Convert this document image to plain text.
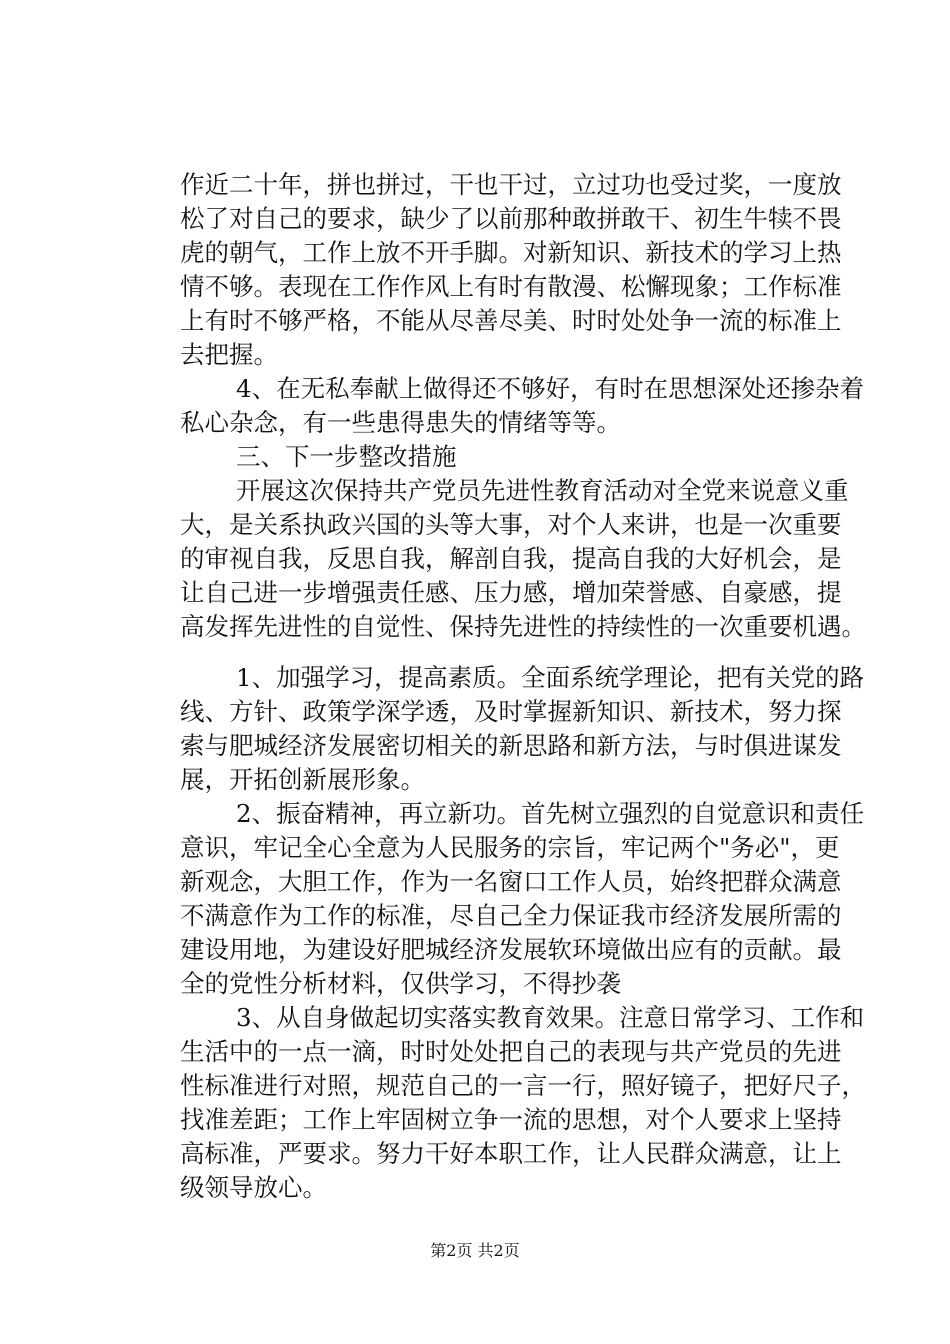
作近二十年，拼也拼过，干也干过，立过功也受过奖，一度放
松了对自己的要求，缺少了以前那种敢拼敢干、初生牛犊不畏
虎的朝气，工作上放不开手脚。对新知识、新技术的学习上热
情不够。表现在工作作风上有时有散漫、松懈现象；工作标准
上有时不够严格，不能从尽善尽美、时时处处争一流的标准上
去把握。
4、在无私奉献上做得还不够好，有时在思想深处还掺杂着
私心杂念，有一些患得患失的情绪等等。
三、下一步整改措施
开展这次保持共产党员先进性教育活动对全党来说意义重
大，是关系执政兴国的头等大事，对个人来讲，也是一次重要
的审视自我，反思自我，解剖自我，提高自我的大好机会，是
让自己进一步增强责任感、压力感，增加荣誉感、自豪感，提
高发挥先进性的自觉性、保持先进性的持续性的一次重要机遇。
1、加强学习，提高素质。全面系统学理论，把有关党的路
线、方针、政策学深学透，及时掌握新知识、新技术，努力探
索与肥城经济发展密切相关的新思路和新方法，与时俱进谋发
展，开拓创新展形象。
2、振奋精神，再立新功。首先树立强烈的自觉意识和责任
意识，牢记全心全意为人民服务的宗旨，牢记两个"务必"，更
新观念，大胆工作，作为一名窗口工作人员，始终把群众满意
不满意作为工作的标准，尽自己全力保证我市经济发展所需的
建设用地，为建设好肥城经济发展软环境做出应有的贡献。最
全的党性分析材料，仅供学习，不得抄袭
3、从自身做起切实落实教育效果。注意日常学习、工作和
生活中的一点一滴，时时处处把自己的表现与共产党员的先进
性标准进行对照，规范自己的一言一行，照好镜子，把好尺子，
找准差距；工作上牢固树立争一流的思想，对个人要求上坚持
高标准，严要求。努力干好本职工作，让人民群众满意，让上
级领导放心。
第2页 共2页
